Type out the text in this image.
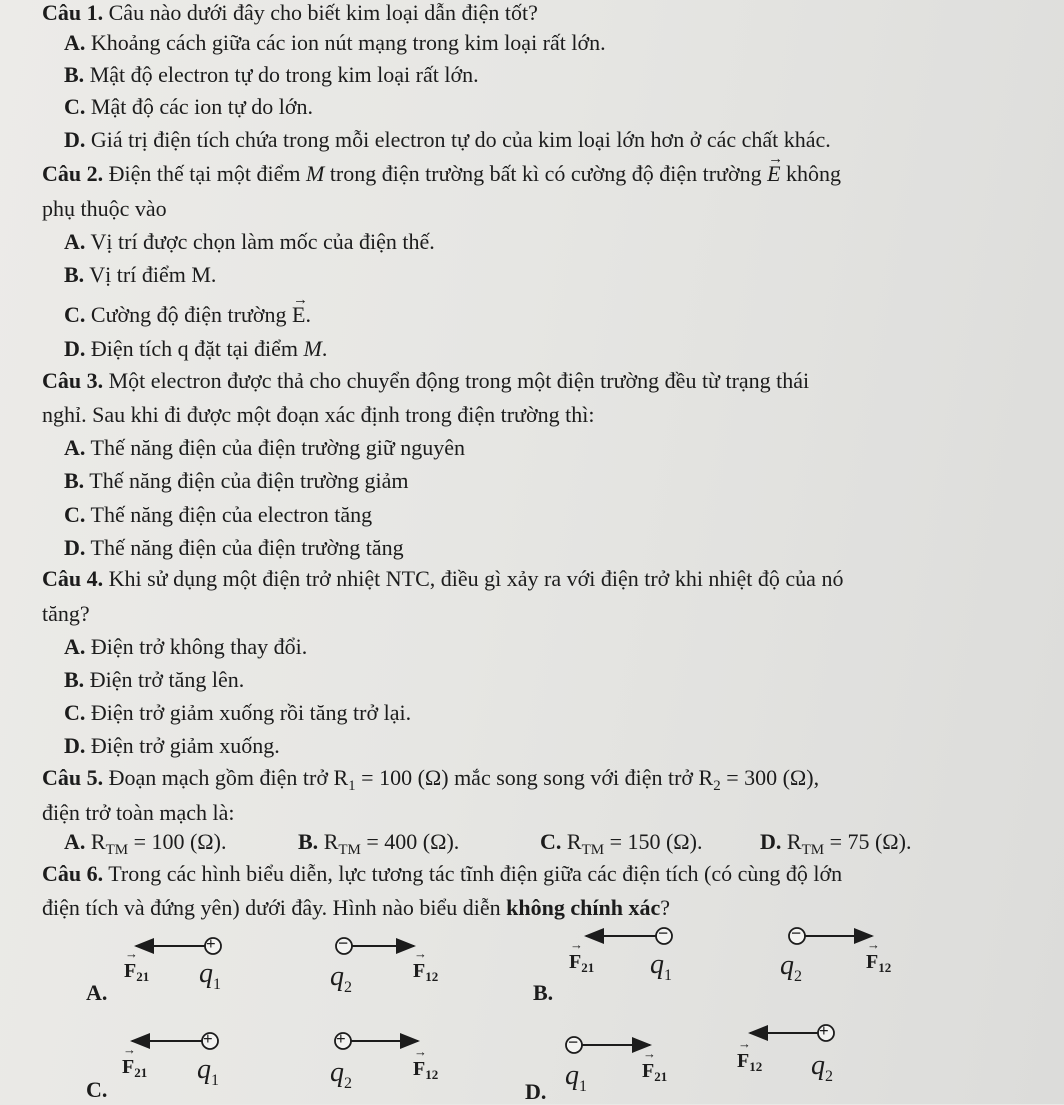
Câu 1. Câu nào dưới đây cho biết kim loại dẫn điện tốt?
A. Khoảng cách giữa các ion nút mạng trong kim loại rất lớn.
B. Mật độ electron tự do trong kim loại rất lớn.
C. Mật độ các ion tự do lớn.
D. Giá trị điện tích chứa trong mỗi electron tự do của kim loại lớn hơn ở các chất khác.
Câu 2. Điện thế tại một điểm M trong điện trường bất kì có cường độ điện trường → E không
phụ thuộc vào
A. Vị trí được chọn làm mốc của điện thế.
B. Vị trí điểm M.
C. Cường độ điện trường → E.
D. Điện tích q đặt tại điểm M.
Câu 3. Một electron được thả cho chuyển động trong một điện trường đều từ trạng thái
nghỉ. Sau khi đi được một đoạn xác định trong điện trường thì:
A. Thế năng điện của điện trường giữ nguyên
B. Thế năng điện của điện trường giảm
C. Thế năng điện của electron tăng
D. Thế năng điện của điện trường tăng
Câu 4. Khi sử dụng một điện trở nhiệt NTC, điều gì xảy ra với điện trở khi nhiệt độ của nó
tăng?
A. Điện trở không thay đổi.
B. Điện trở tăng lên.
C. Điện trở giảm xuống rồi tăng trở lại.
D. Điện trở giảm xuống.
Câu 5. Đoạn mạch gồm điện trở $R_1 = 100$ (Ω) mắc song song với điện trở $R_2 = 300$ (Ω),
điện trở toàn mạch là:
A. $R_{TM} = 100$ (Ω).	B. $R_{TM} = 400$ (Ω).	C. $R_{TM} = 150$ (Ω).	D. $R_{TM} = 75$ (Ω).
Câu 6. Trong các hình biểu diễn, lực tương tác tĩnh điện giữa các điện tích (có cùng độ lớn
điện tích và đứng yên) dưới đây. Hình nào biểu diễn không chính xác?
+	−	−	−
+	+	−
+
A.
→
$F_{21}$ $q_1$	$q_2$
→
$F_{12}$
B.
→
$F_{21}$ $q_1$	$q_2$
→
$F_{12}$
C.
→
$F_{21}$ $q_1$	$q_2$
→
$F_{12}$
D.
$q_1$
→
$F_{21}$
→
$F_{12}$ $q_2$
